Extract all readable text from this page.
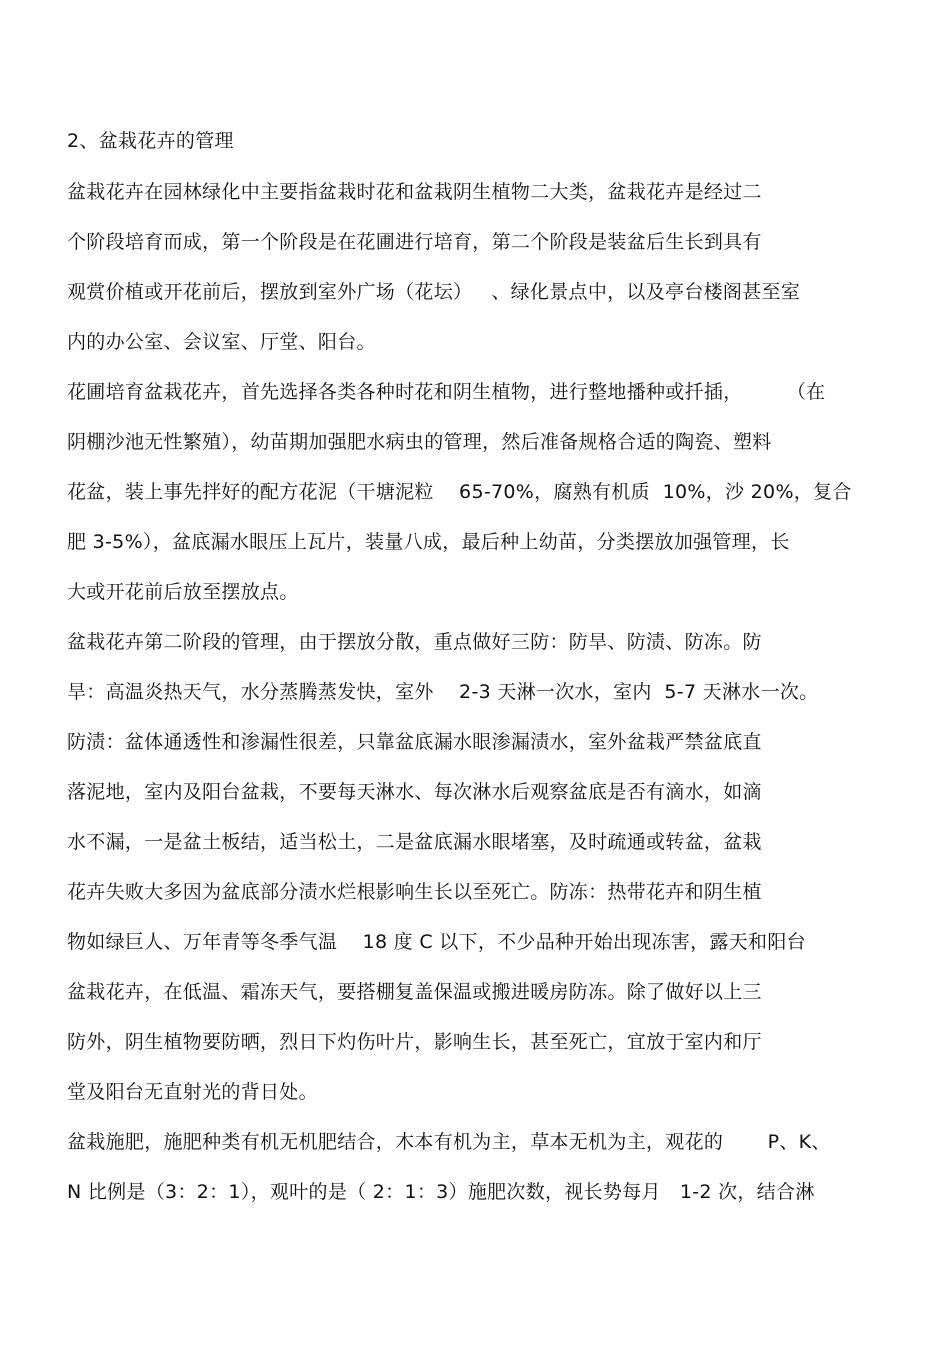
2、盆栽花卉的管理
盆栽花卉在园林绿化中主要指盆栽时花和盆栽阴生植物二大类，盆栽花卉是经过二
个阶段培育而成，第一个阶段是在花圃进行培育，第二个阶段是装盆后生长到具有
观赏价植或开花前后，摆放到室外广场（花坛）   、绿化景点中，以及亭台楼阁甚至室
内的办公室、会议室、厅堂、阳台。
花圃培育盆栽花卉，首先选择各类各种时花和阴生植物，进行整地播种或扦插，       （在
阴棚沙池无性繁殖），幼苗期加强肥水病虫的管理，然后准备规格合适的陶瓷、塑料
花盆，装上事先拌好的配方花泥（干塘泥粒    65-70%，腐熟有机质  10%，沙 20%，复合
肥 3-5%），盆底漏水眼压上瓦片，装量八成，最后种上幼苗，分类摆放加强管理，长
大或开花前后放至摆放点。
盆栽花卉第二阶段的管理，由于摆放分散，重点做好三防：防旱、防渍、防冻。防
旱：高温炎热天气，水分蒸腾蒸发快，室外    2-3 天淋一次水，室内  5-7 天淋水一次。
防渍：盆体通透性和渗漏性很差，只靠盆底漏水眼渗漏渍水，室外盆栽严禁盆底直
落泥地，室内及阳台盆栽，不要每天淋水、每次淋水后观察盆底是否有滴水，如滴
水不漏，一是盆土板结，适当松土，二是盆底漏水眼堵塞，及时疏通或转盆，盆栽
花卉失败大多因为盆底部分渍水烂根影响生长以至死亡。防冻：热带花卉和阴生植
物如绿巨人、万年青等冬季气温    18 度 C 以下，不少品种开始出现冻害，露天和阳台
盆栽花卉，在低温、霜冻天气，要搭棚复盖保温或搬进暖房防冻。除了做好以上三
防外，阴生植物要防晒，烈日下灼伤叶片，影响生长，甚至死亡，宜放于室内和厅
堂及阳台无直射光的背日处。
盆栽施肥，施肥种类有机无机肥结合，木本有机为主，草本无机为主，观花的       P、K、
N 比例是（3：2：1），观叶的是（ 2：1：3）施肥次数，视长势每月   1-2 次，结合淋
